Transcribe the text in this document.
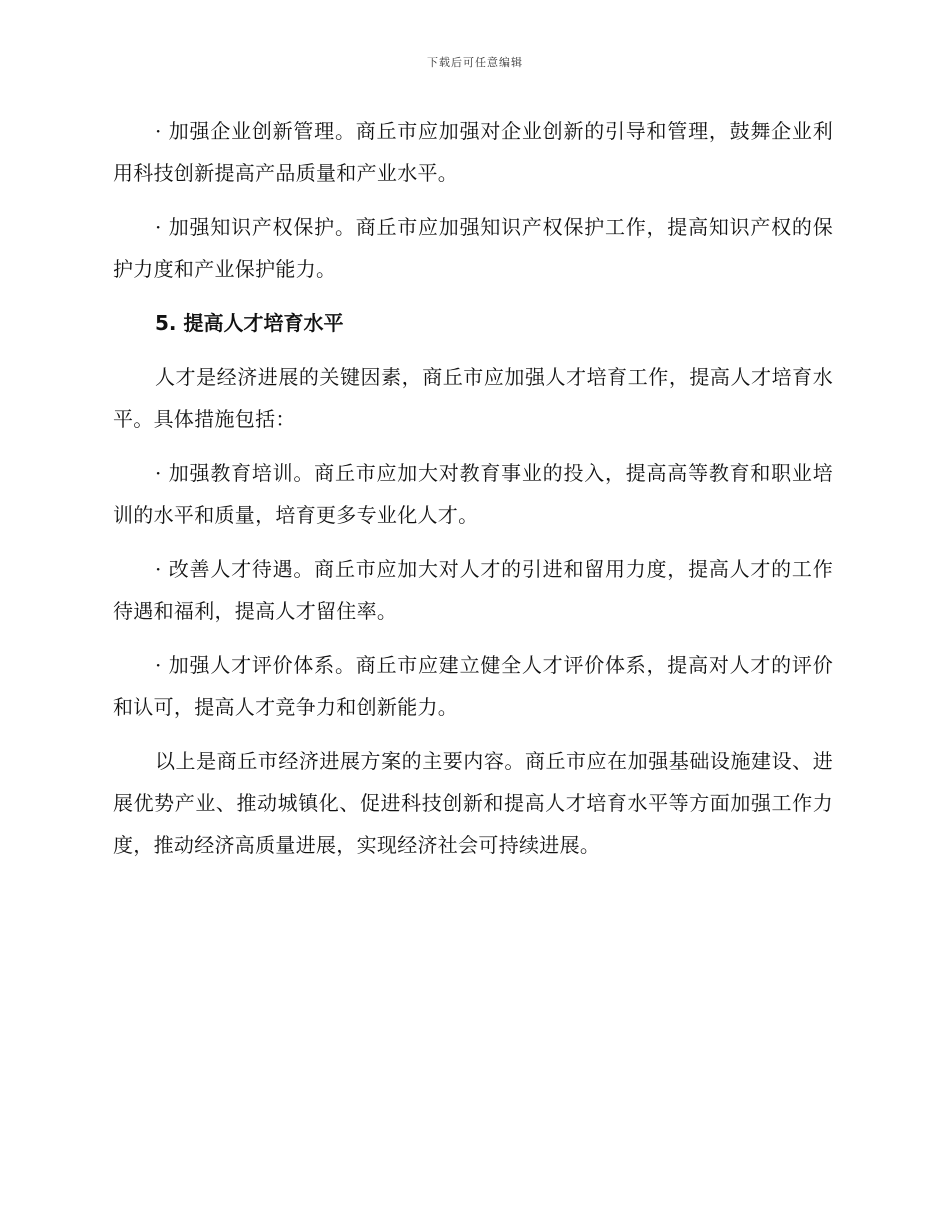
下载后可任意编辑

· 加强企业创新管理。商丘市应加强对企业创新的引导和管理，鼓舞企业利用科技创新提高产品质量和产业水平。

· 加强知识产权保护。商丘市应加强知识产权保护工作，提高知识产权的保护力度和产业保护能力。

5. 提高人才培育水平

人才是经济进展的关键因素，商丘市应加强人才培育工作，提高人才培育水平。具体措施包括：

· 加强教育培训。商丘市应加大对教育事业的投入，提高高等教育和职业培训的水平和质量，培育更多专业化人才。

· 改善人才待遇。商丘市应加大对人才的引进和留用力度，提高人才的工作待遇和福利，提高人才留住率。

· 加强人才评价体系。商丘市应建立健全人才评价体系，提高对人才的评价和认可，提高人才竞争力和创新能力。

以上是商丘市经济进展方案的主要内容。商丘市应在加强基础设施建设、进展优势产业、推动城镇化、促进科技创新和提高人才培育水平等方面加强工作力度，推动经济高质量进展，实现经济社会可持续进展。
